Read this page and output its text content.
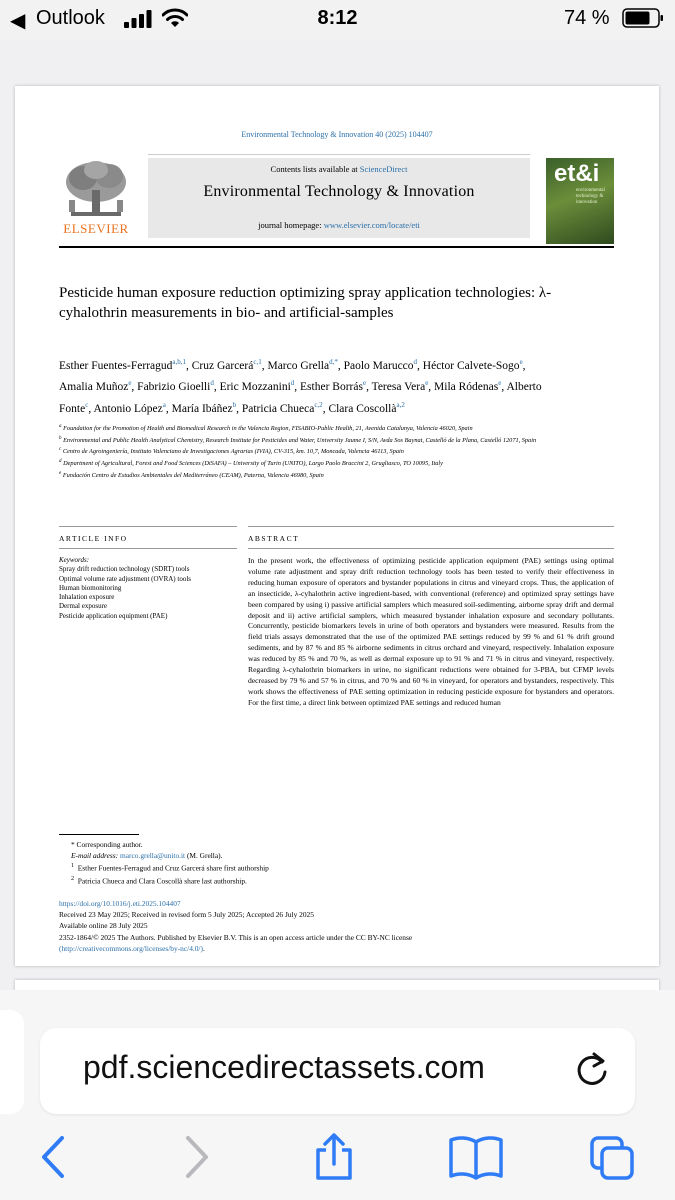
◀ Outlook	8:12	74 %
Environmental Technology & Innovation 40 (2025) 104407
ELSEVIER
Contents lists available at ScienceDirect
Environmental Technology & Innovation
journal homepage: www.elsevier.com/locate/eti
et&i
environmental technology & innovation
Pesticide human exposure reduction optimizing spray application technologies: λ-cyhalothrin measurements in bio- and artificial-samples
Esther Fuentes-Ferragud$^{a,b,1}$, Cruz Garcerá$^{c,1}$, Marco Grella$^{d,*}$, Paolo Marucco$^d$, Héctor Calvete-Sogo$^e$, Amalia Muñoz$^e$, Fabrizio Gioelli$^d$, Eric Mozzanini$^d$, Esther Borrás$^e$, Teresa Vera$^e$, Mila Ródenas$^e$, Alberto Fonte$^c$, Antonio López$^a$, María Ibáñez$^b$, Patricia Chueca$^{c,2}$, Clara Coscollà$^{a,2}$
$^a$ Foundation for the Promotion of Health and Biomedical Research in the Valencia Region, FISABIO-Public Health, 21, Avenida Catalunya, Valencia 46020, Spain
$^b$ Environmental and Public Health Analytical Chemistry, Research Institute for Pesticides and Water, University Jaume I, S/N, Avda Sos Baynat, Castelló de la Plana, Castelló 12071, Spain
$^c$ Centro de Agroingeniería, Instituto Valenciano de Investigaciones Agrarias (IVIA), CV-315, km. 10,7, Moncada, Valencia 46113, Spain
$^d$ Department of Agricultural, Forest and Food Sciences (DiSAFA) – University of Turin (UNITO), Largo Paolo Braccini 2, Grugliasco, TO 10095, Italy
$^e$ Fundación Centro de Estudios Ambientales del Mediterráneo (CEAM), Paterna, Valencia 46980, Spain
ARTICLE INFO	ABSTRACT
Keywords:
Spray drift reduction technology (SDRT) tools
Optimal volume rate adjustment (OVRA) tools
Human biomonitoring
Inhalation exposure
Dermal exposure
Pesticide application equipment (PAE)
In the present work, the effectiveness of optimizing pesticide application equipment (PAE) settings using optimal volume rate adjustment and spray drift reduction technology tools has been tested to verify their effectiveness in reducing human exposure of operators and bystander populations in citrus and vineyard crops. Thus, the application of an insecticide, λ-cyhalothrin active ingredient-based, with conventional (reference) and optimized spray settings have been compared by using i) passive artificial samplers which measured soil-sedimenting, airborne spray drift and dermal deposit and ii) active artificial samplers, which measured bystander inhalation exposure and secondary pollutants. Concurrently, pesticide biomarkers levels in urine of both operators and bystanders were measured. Results from the field trials assays demonstrated that the use of the optimized PAE settings reduced by 99 % and 61 % drift ground sediments, and by 87 % and 85 % airborne sediments in citrus orchard and vineyard, respectively. Inhalation exposure was reduced by 85 % and 70 %, as well as dermal exposure up to 91 % and 71 % in citrus and vineyard, respectively. Regarding λ-cyhalothrin biomarkers in urine, no significant reductions were obtained for 3-PBA, but CFMP levels decreased by 79 % and 57 % in citrus, and 70 % and 60 % in vineyard, for operators and bystanders, respectively. This work shows the effectiveness of PAE setting optimization in reducing pesticide exposure for bystanders and operators. For the first time, a direct link between optimized PAE settings and reduced human
* Corresponding author.
E-mail address: marco.grella@unito.it (M. Grella).
$^1$ Esther Fuentes-Ferragud and Cruz Garcerá share first authorship
$^2$ Patricia Chueca and Clara Coscollà share last authorship.
https://doi.org/10.1016/j.eti.2025.104407
Received 23 May 2025; Received in revised form 5 July 2025; Accepted 26 July 2025
Available online 28 July 2025
2352-1864/© 2025 The Authors. Published by Elsevier B.V. This is an open access article under the CC BY-NC license
(http://creativecommons.org/licenses/by-nc/4.0/).
pdf.sciencedirectassets.com
